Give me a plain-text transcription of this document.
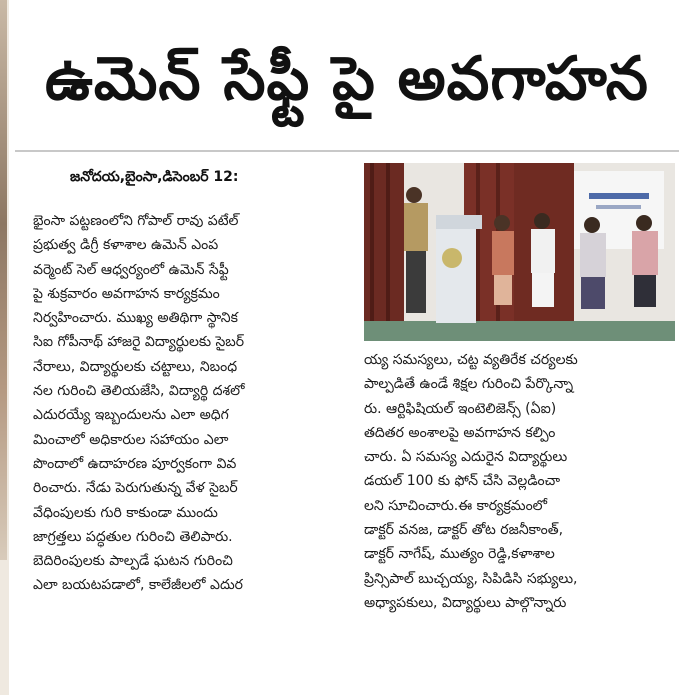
ఉమెన్ సేఫ్టీ పై అవగాహన
జనోదయ,బైంసా,డిసెంబర్ 12:
భైంసా పట్టణంలోని గోపాల్ రావు పటేల్
ప్రభుత్వ డిగ్రీ కళాశాల ఉమెన్ ఎంప
వర్మెంట్ సెల్ ఆధ్వర్యంలో ఉమెన్ సేఫ్టీ
పై శుక్రవారం అవగాహన కార్యక్రమం
నిర్వహించారు. ముఖ్య అతిథిగా స్థానిక
సిఐ గోపీనాథ్ హాజరై విద్యార్థులకు సైబర్
నేరాలు, విద్యార్థులకు చట్టాలు, నిబంధ
నల గురించి తెలియజేసి, విద్యార్థి దశలో
ఎదురయ్యే ఇబ్బందులను ఎలా అధిగ
మించాలో అధికారుల సహాయం ఎలా
పొందాలో ఉదాహరణ పూర్వకంగా వివ
రించారు. నేడు పెరుగుతున్న వేళ సైబర్
వేధింపులకు గురి కాకుండా ముందు
జాగ్రత్తలు పద్ధతుల గురించి తెలిపారు.
బెదిరింపులకు పాల్పడే ఘటన గురించి
ఎలా బయటపడాలో, కాలేజీలలో ఎదుర
య్య సమస్యలు, చట్ట వ్యతిరేక చర్యలకు
పాల్పడితే ఉండే శిక్షల గురించి పేర్కొన్నా
రు. ఆర్టిఫిషియల్ ఇంటెలిజెన్స్ (ఏఐ)
తదితర అంశాలపై అవగాహన కల్పిం
చారు. ఏ సమస్య ఎదురైన విద్యార్థులు
డయల్ 100 కు ఫోన్ చేసి వెల్లడించా
లని సూచించారు.ఈ కార్యక్రమంలో
డాక్టర్ వనజ, డాక్టర్ తోట రజనీకాంత్,
డాక్టర్ నాగేష్, ముత్యం రెడ్డి,కళాశాల
ప్రిన్సిపాల్ బుచ్చయ్య, సిపిడిసి సభ్యులు,
అధ్యాపకులు, విద్యార్థులు పాల్గొన్నారు
